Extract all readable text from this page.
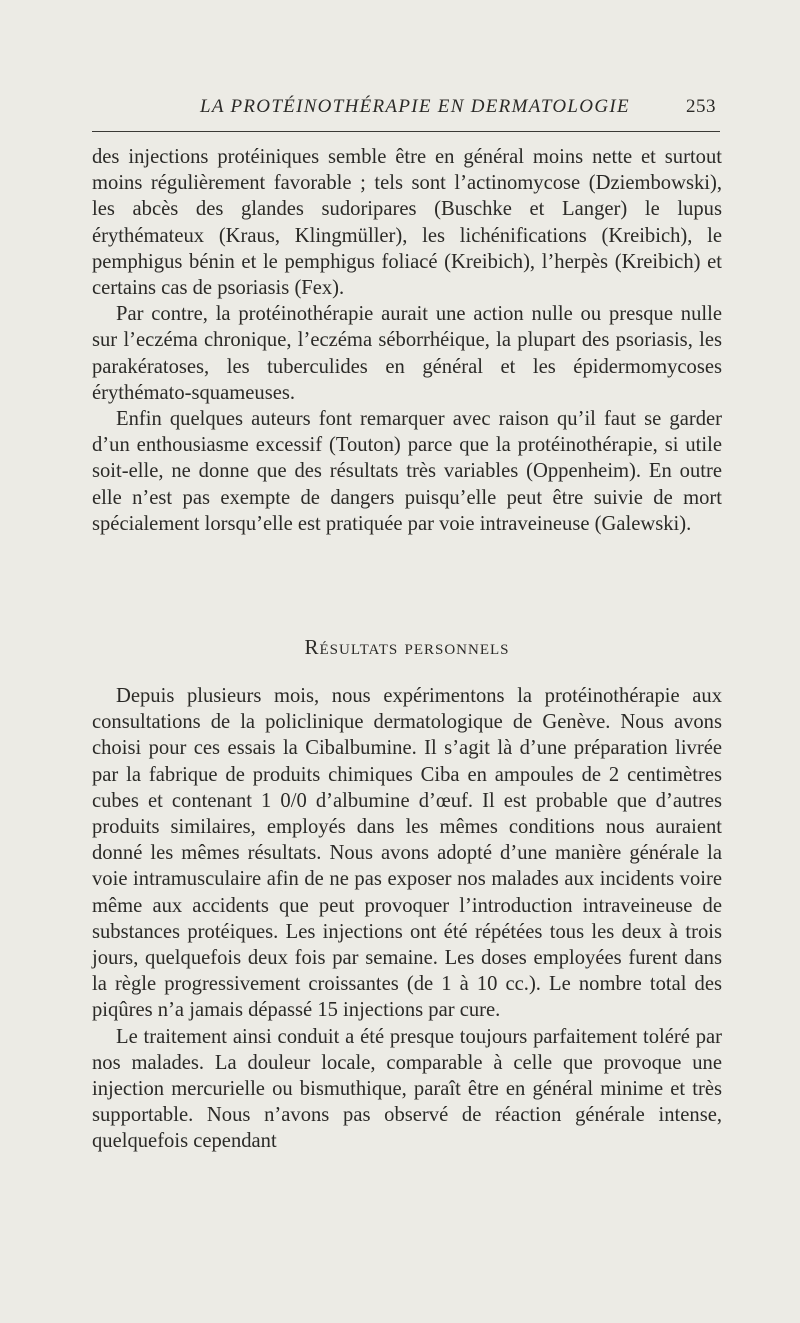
LA PROTÉINOTHÉRAPIE EN DERMATOLOGIE	253

des injections protéiniques semble être en général moins nette et surtout moins régulièrement favorable ; tels sont l’actinomycose (Dziembowski), les abcès des glandes sudoripares (Buschke et Langer) le lupus érythémateux (Kraus, Klingmüller), les lichénifications (Kreibich), le pemphigus bénin et le pemphigus foliacé (Kreibich), l’herpès (Kreibich) et certains cas de psoriasis (Fex).

Par contre, la protéinothérapie aurait une action nulle ou presque nulle sur l’eczéma chronique, l’eczéma séborrhéique, la plupart des psoriasis, les parakératoses, les tuberculides en général et les épidermomycoses érythémato-squameuses.

Enfin quelques auteurs font remarquer avec raison qu’il faut se garder d’un enthousiasme excessif (Touton) parce que la protéinothérapie, si utile soit-elle, ne donne que des résultats très variables (Oppenheim). En outre elle n’est pas exempte de dangers puisqu’elle peut être suivie de mort spécialement lorsqu’elle est pratiquée par voie intraveineuse (Galewski).

Résultats personnels

Depuis plusieurs mois, nous expérimentons la protéinothérapie aux consultations de la policlinique dermatologique de Genève. Nous avons choisi pour ces essais la Cibalbumine. Il s’agit là d’une préparation livrée par la fabrique de produits chimiques Ciba en ampoules de 2 centimètres cubes et contenant 1 0/0 d’albumine d’œuf. Il est probable que d’autres produits similaires, employés dans les mêmes conditions nous auraient donné les mêmes résultats. Nous avons adopté d’une manière générale la voie intramusculaire afin de ne pas exposer nos malades aux incidents voire même aux accidents que peut provoquer l’introduction intraveineuse de substances protéiques. Les injections ont été répétées tous les deux à trois jours, quelquefois deux fois par semaine. Les doses employées furent dans la règle progressivement croissantes (de 1 à 10 cc.). Le nombre total des piqûres n’a jamais dépassé 15 injections par cure.

Le traitement ainsi conduit a été presque toujours parfaitement toléré par nos malades. La douleur locale, comparable à celle que provoque une injection mercurielle ou bismuthique, paraît être en général minime et très supportable. Nous n’avons pas observé de réaction générale intense, quelquefois cependant
